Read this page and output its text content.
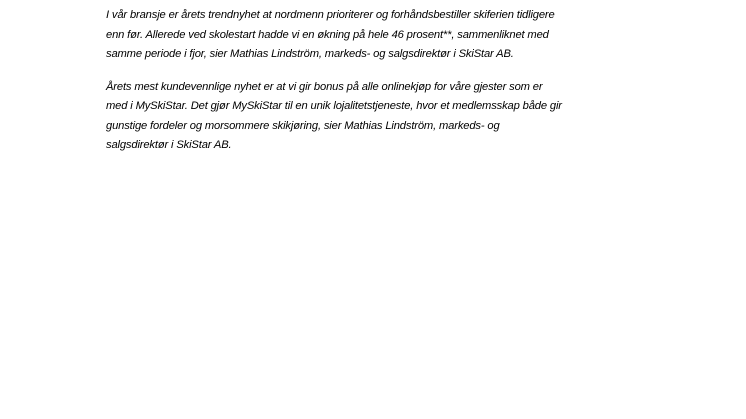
I vår bransje er årets trendnyhet at nordmenn prioriterer og forhåndsbestiller skiferien tidligere
enn før. Allerede ved skolestart hadde vi en økning på hele 46 prosent**, sammenliknet med
samme periode i fjor, sier Mathias Lindström, markeds- og salgsdirektør i SkiStar AB.

Årets mest kundevennlige nyhet er at vi gir bonus på alle onlinekjøp for våre gjester som er
med i MySkiStar. Det gjør MySkiStar til en unik lojalitetstjeneste, hvor et medlemsskap både gir
gunstige fordeler og morsommere skikjøring, sier Mathias Lindström, markeds- og
salgsdirektør i SkiStar AB.
